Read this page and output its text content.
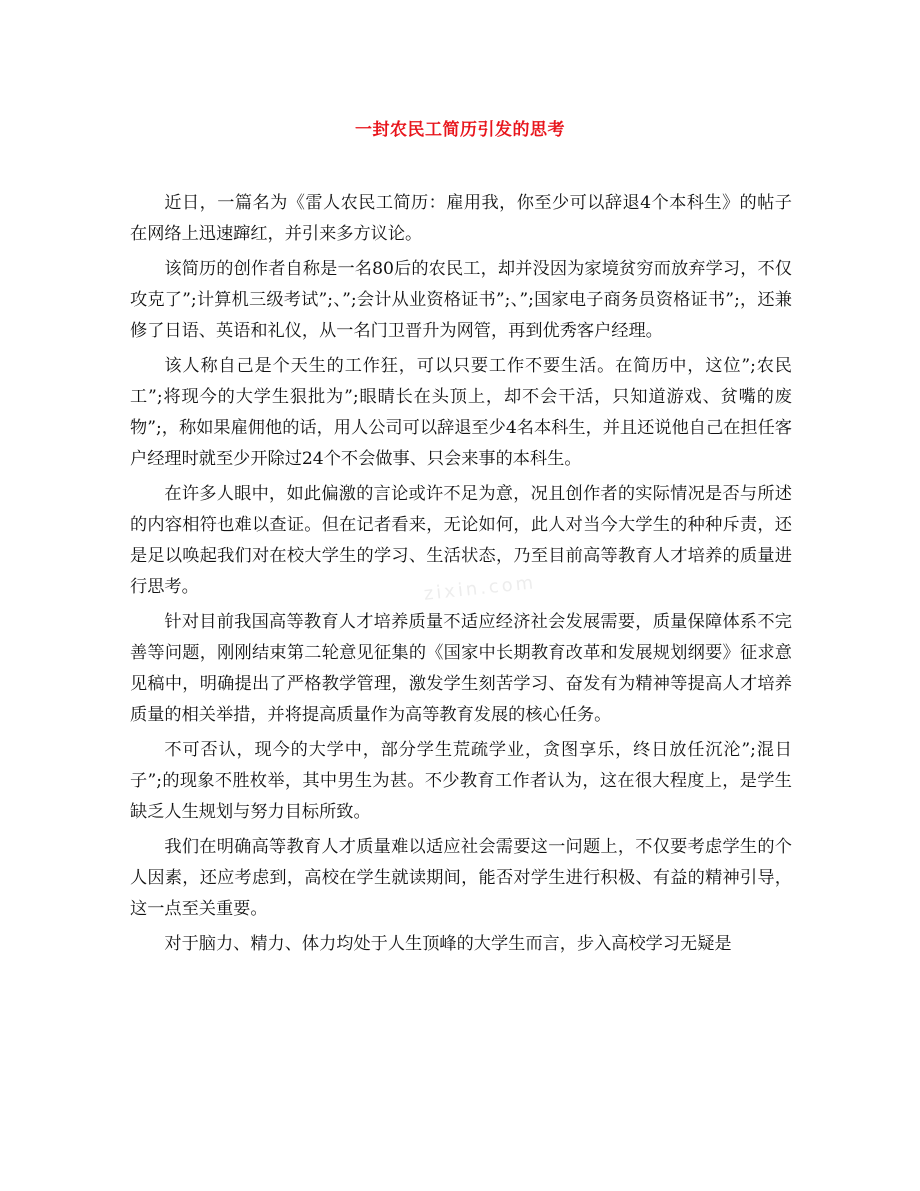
zixin.com
一封农民工简历引发的思考

近日，一篇名为《雷人农民工简历：雇用我，你至少可以辞退4个本科生》的帖子在网络上迅速蹿红，并引来多方议论。

该简历的创作者自称是一名80后的农民工，却并没因为家境贫穷而放弃学习，不仅攻克了”;计算机三级考试”;、”;会计从业资格证书”;、”;国家电子商务员资格证书”;，还兼修了日语、英语和礼仪，从一名门卫晋升为网管，再到优秀客户经理。

该人称自己是个天生的工作狂，可以只要工作不要生活。在简历中，这位”;农民工”;将现今的大学生狠批为”;眼睛长在头顶上，却不会干活，只知道游戏、贫嘴的废物”;，称如果雇佣他的话，用人公司可以辞退至少4名本科生，并且还说他自己在担任客户经理时就至少开除过24个不会做事、只会来事的本科生。

在许多人眼中，如此偏激的言论或许不足为意，况且创作者的实际情况是否与所述的内容相符也难以查证。但在记者看来，无论如何，此人对当今大学生的种种斥责，还是足以唤起我们对在校大学生的学习、生活状态，乃至目前高等教育人才培养的质量进行思考。

针对目前我国高等教育人才培养质量不适应经济社会发展需要，质量保障体系不完善等问题，刚刚结束第二轮意见征集的《国家中长期教育改革和发展规划纲要》征求意见稿中，明确提出了严格教学管理，激发学生刻苦学习、奋发有为精神等提高人才培养质量的相关举措，并将提高质量作为高等教育发展的核心任务。

不可否认，现今的大学中，部分学生荒疏学业，贪图享乐，终日放任沉沦”;混日子”;的现象不胜枚举，其中男生为甚。不少教育工作者认为，这在很大程度上，是学生缺乏人生规划与努力目标所致。

我们在明确高等教育人才质量难以适应社会需要这一问题上，不仅要考虑学生的个人因素，还应考虑到，高校在学生就读期间，能否对学生进行积极、有益的精神引导，这一点至关重要。

对于脑力、精力、体力均处于人生顶峰的大学生而言，步入高校学习无疑是
